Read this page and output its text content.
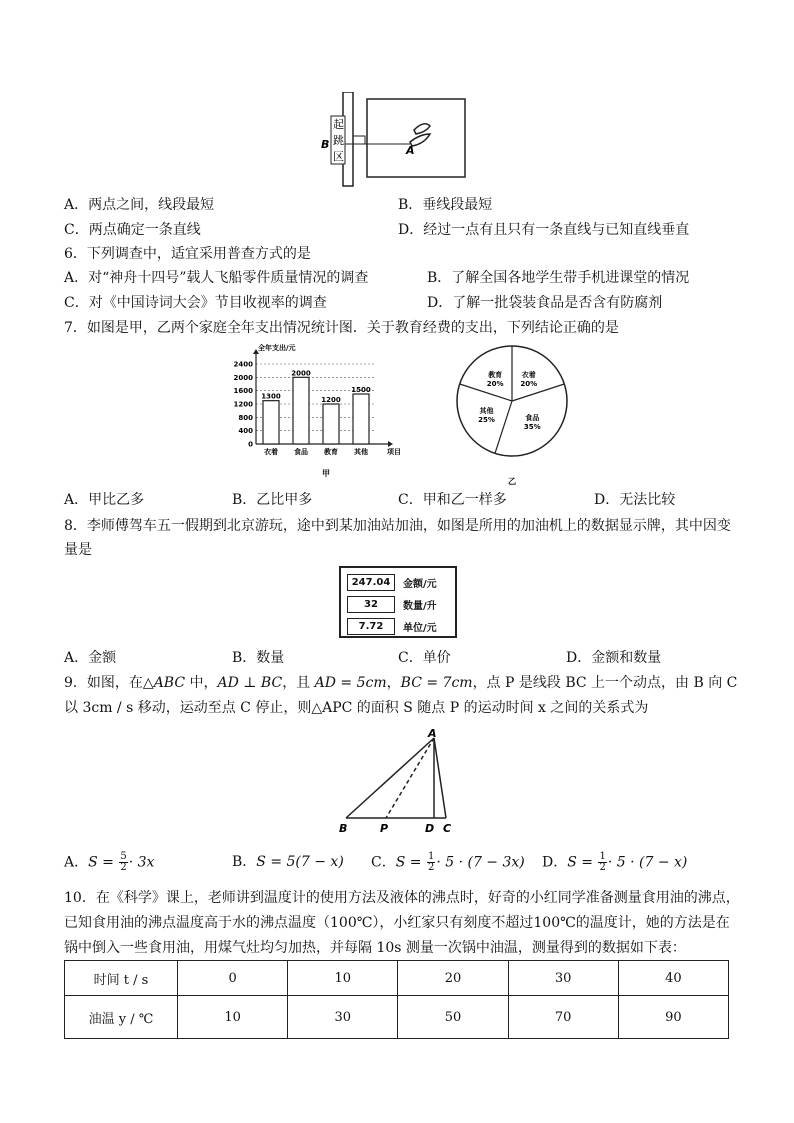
起
跳
区
B	A
A．两点之间，线段最短	B．垂线段最短
C．两点确定一条直线	D．经过一点有且只有一条直线与已知直线垂直
6．下列调查中，适宜采用普查方式的是
A．对“神舟十四号”载人飞船零件质量情况的调查	B．了解全国各地学生带手机进课堂的情况
C．对《中国诗词大会》节目收视率的调查	D．了解一批袋装食品是否含有防腐剂
7．如图是甲，乙两个家庭全年支出情况统计图．关于教育经费的支出，下列结论正确的是
全年支出/元
0
400
800
1200
1600
2000
2400
1300
衣着
2000
食品
1200
教育
1500
其他	项目
甲
衣着
20%
食品
35%
其他
25%
教育
20%
乙
A．甲比乙多	B．乙比甲多	C．甲和乙一样多	D．无法比较
8．李师傅驾车五一假期到北京游玩，途中到某加油站加油，如图是所用的加油机上的数据显示牌，其中因变
量是
247.04	金额/元
32	数量/升
7.72	单位/元
A．金额	B．数量	C．单价	D．金额和数量
9．如图，在△ABC 中，AD ⊥ BC，且 AD = 5cm，BC = 7cm，点 P 是线段 BC 上一个动点，由 B 向 C
以 3cm / s 移动，运动至点 C 停止，则△APC 的面积 S 随点 P 的运动时间 x 之间的关系式为
A
B	P	D C
A．$S = \frac{5}{2} \cdot 3x$	B．S = 5(7 − x) C．$S = \frac{1}{2} \cdot 5 \cdot (7 - 3x)$ D．$S = \frac{1}{2} \cdot 5 \cdot (7 - x)$
10．在《科学》课上，老师讲到温度计的使用方法及液体的沸点时，好奇的小红同学准备测量食用油的沸点，
已知食用油的沸点温度高于水的沸点温度（100℃），小红家只有刻度不超过100℃的温度计，她的方法是在
锅中倒入一些食用油，用煤气灶均匀加热，并每隔 10s 测量一次锅中油温，测量得到的数据如下表：
时间 t / s	0	10	20	30	40
油温 y / ℃	10	30	50	70	90
